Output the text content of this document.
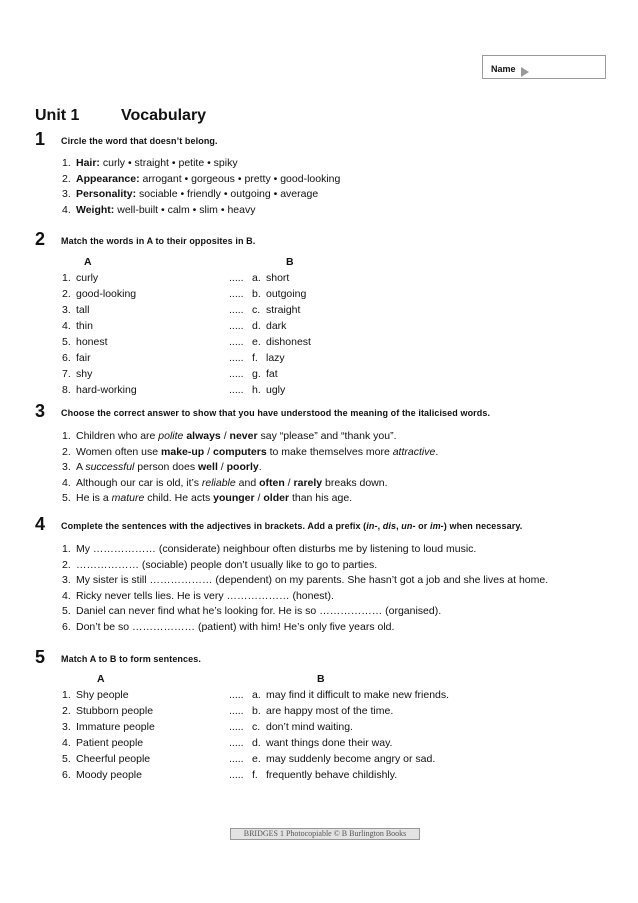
Name
Unit 1	Vocabulary
1 Circle the word that doesn’t belong.
1. Hair: curly • straight • petite • spiky
2. Appearance: arrogant • gorgeous • pretty • good-looking
3. Personality: sociable • friendly • outgoing • average
4. Weight: well-built • calm • slim • heavy
2 Match the words in A to their opposites in B.
A	B
1. curly	..... a. short
2. good-looking	..... b. outgoing
3. tall	..... c. straight
4. thin	..... d. dark
5. honest	..... e. dishonest
6. fair	..... f. lazy
7. shy	..... g. fat
8. hard-working	..... h. ugly
3 Choose the correct answer to show that you have understood the meaning of the italicised words.
1. Children who are polite always / never say “please” and “thank you”.
2. Women often use make-up / computers to make themselves more attractive.
3. A successful person does well / poorly.
4. Although our car is old, it’s reliable and often / rarely breaks down.
5. He is a mature child. He acts younger / older than his age.
4 Complete the sentences with the adjectives in brackets. Add a prefix (in-, dis, un- or im-) when necessary.
1. My ……………… (considerate) neighbour often disturbs me by listening to loud music.
2. ……………… (sociable) people don’t usually like to go to parties.
3. My sister is still ……………… (dependent) on my parents. She hasn’t got a job and she lives at home.
4. Ricky never tells lies. He is very ……………… (honest).
5. Daniel can never find what he’s looking for. He is so ……………… (organised).
6. Don’t be so ……………… (patient) with him! He’s only five years old.
5 Match A to B to form sentences.
A	B
1. Shy people	..... a. may find it difficult to make new friends.
2. Stubborn people	..... b. are happy most of the time.
3. Immature people	..... c. don’t mind waiting.
4. Patient people	..... d. want things done their way.
5. Cheerful people	..... e. may suddenly become angry or sad.
6. Moody people	..... f. frequently behave childishly.
BRIDGES 1 Photocopiable © B Burlington Books
